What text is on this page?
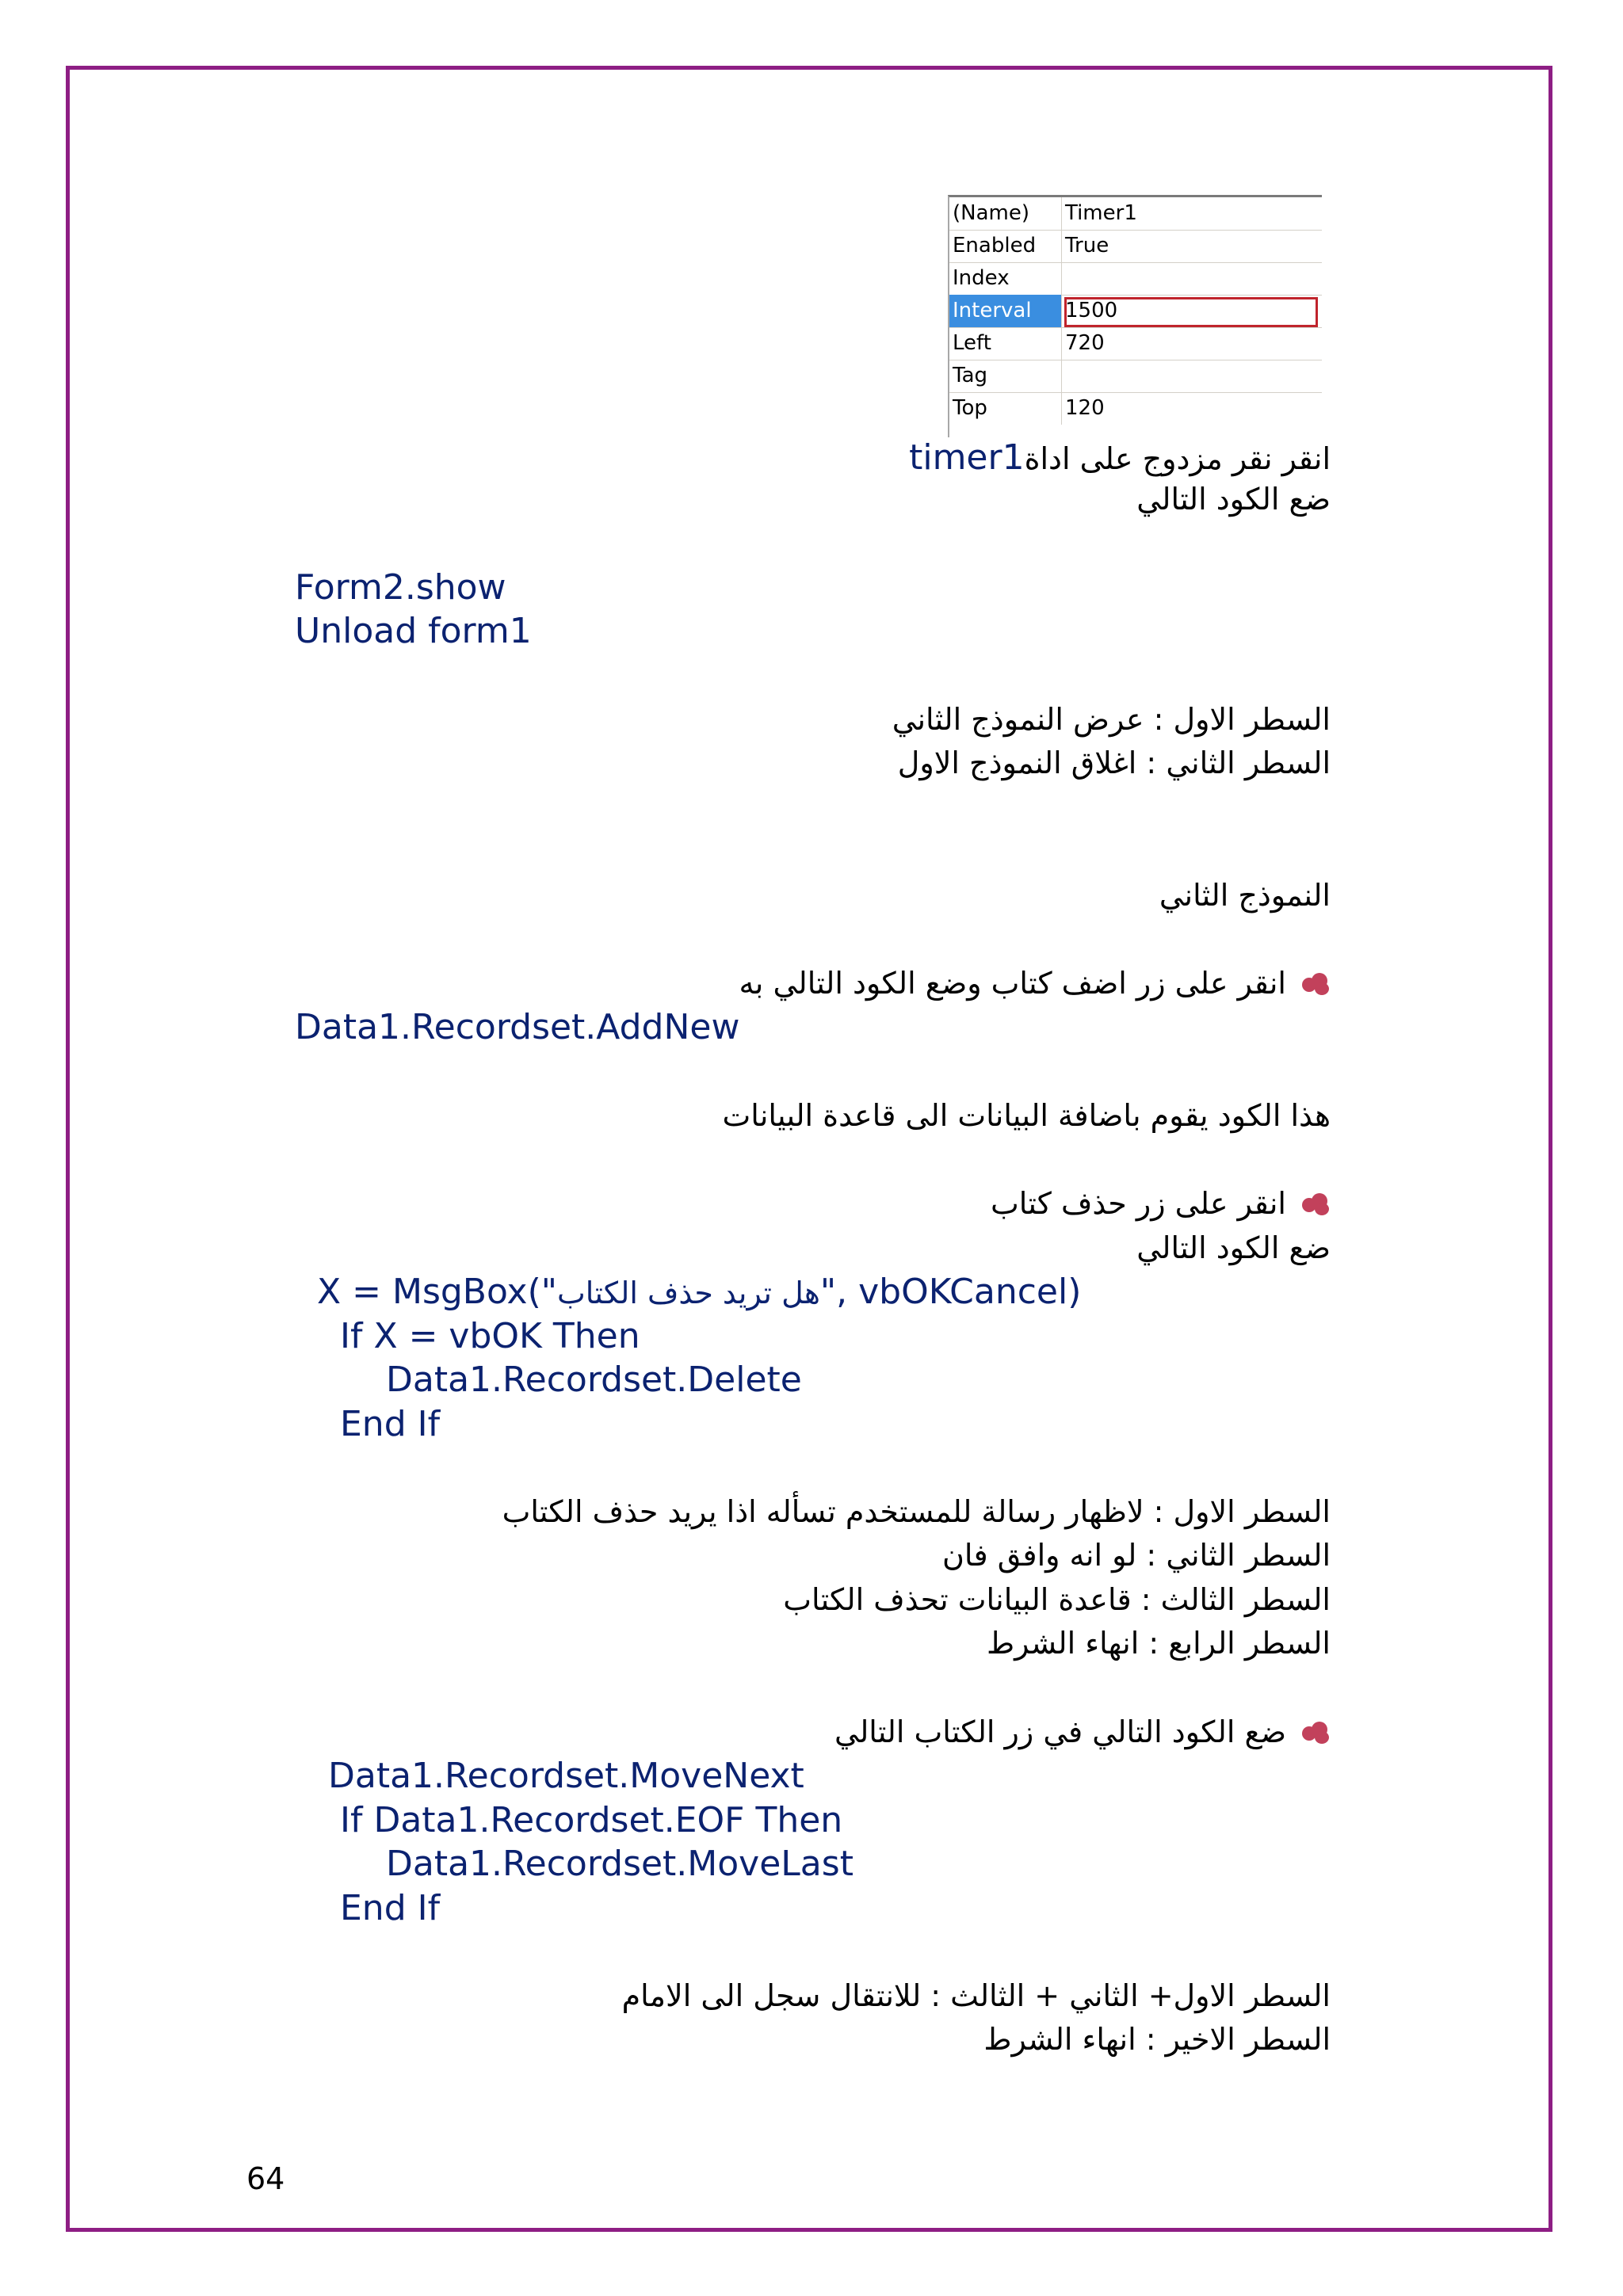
(Name)	Timer1
Enabled	True
Index
Interval	1500
Left	720
Tag
Top	120
انقر نقر مزدوج على اداةtimer1
ضع الكود التالي
Form2.show
Unload form1
السطر الاول : عرض النموذج الثاني
السطر الثاني : اغلاق النموذج الاول
النموذج الثاني
انقر على زر اضف كتاب وضع الكود التالي به
Data1.Recordset.AddNew
هذا الكود يقوم باضافة البيانات الى قاعدة البيانات
انقر على زر حذف كتاب
ضع الكود التالي
X = MsgBox("هل تريد حذف الكتاب", vbOKCancel)
If X = vbOK Then
Data1.Recordset.Delete
End If
السطر الاول : لاظهار رسالة للمستخدم تسأله اذا يريد حذف الكتاب
السطر الثاني : لو انه وافق فان
السطر الثالث : قاعدة البيانات تحذف الكتاب
السطر الرابع : انهاء الشرط
ضع الكود التالي في زر الكتاب التالي
Data1.Recordset.MoveNext
If Data1.Recordset.EOF Then
Data1.Recordset.MoveLast
End If
السطر الاول+ الثاني + الثالث : للانتقال سجل الى الامام
السطر الاخير : انهاء الشرط
64
